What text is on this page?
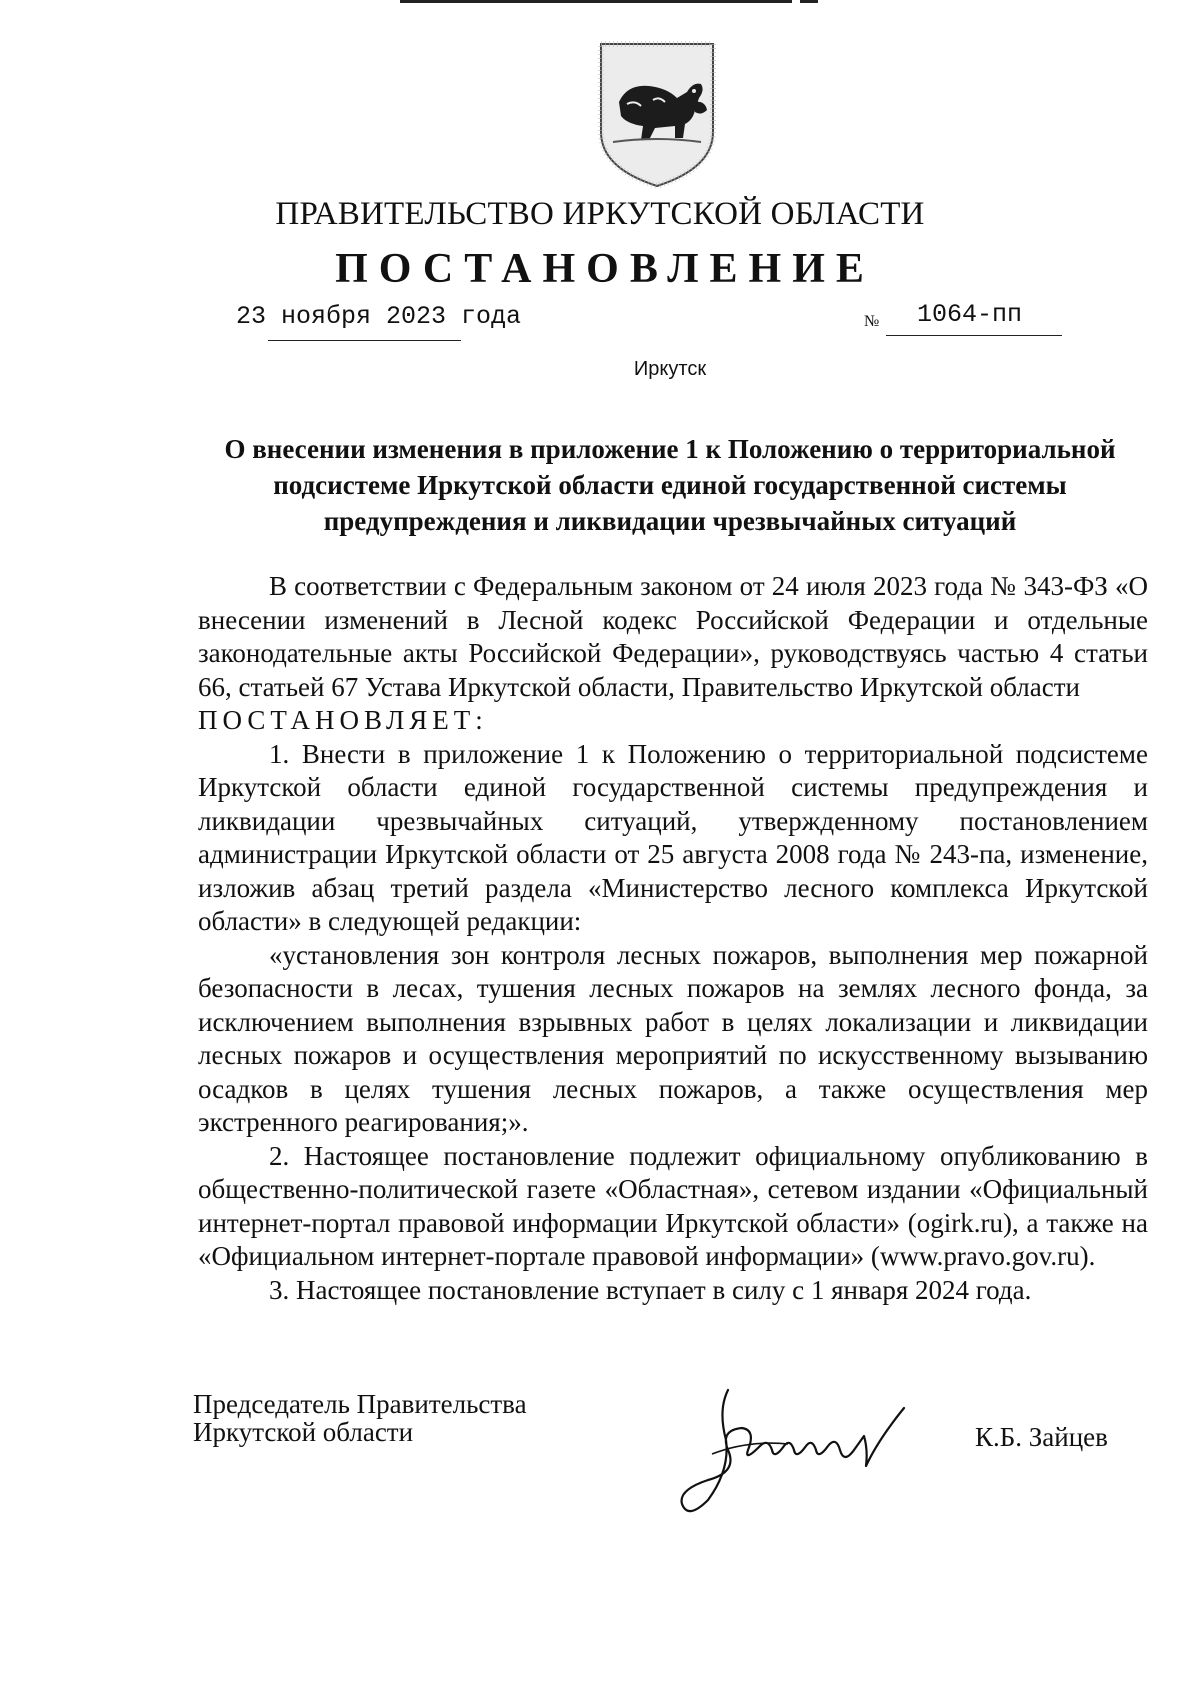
ПРАВИТЕЛЬСТВО ИРКУТСКОЙ ОБЛАСТИ
ПОСТАНОВЛЕНИЕ
23 ноября 2023 года	№ 1064-пп
Иркутск
О внесении изменения в приложение 1 к Положению о территориальной
подсистеме Иркутской области единой государственной системы
предупреждения и ликвидации чрезвычайных ситуаций

В соответствии с Федеральным законом от 24 июля 2023 года № 343-ФЗ «О внесении изменений в Лесной кодекс Российской Федерации и отдельные законодательные акты Российской Федерации», руководствуясь частью 4 статьи 66, статьей 67 Устава Иркутской области, Правительство Иркутской области

ПОСТАНОВЛЯЕТ:

1. Внести в приложение 1 к Положению о территориальной подсистеме Иркутской области единой государственной системы предупреждения и ликвидации чрезвычайных ситуаций, утвержденному постановлением администрации Иркутской области от 25 августа 2008 года № 243-па, изменение, изложив абзац третий раздела «Министерство лесного комплекса Иркутской области» в следующей редакции:

«установления зон контроля лесных пожаров, выполнения мер пожарной безопасности в лесах, тушения лесных пожаров на землях лесного фонда, за исключением выполнения взрывных работ в целях локализации и ликвидации лесных пожаров и осуществления мероприятий по искусственному вызыванию осадков в целях тушения лесных пожаров, а также осуществления мер экстренного реагирования;».

2. Настоящее постановление подлежит официальному опубликованию в общественно-политической газете «Областная», сетевом издании «Официальный интернет-портал правовой информации Иркутской области» (ogirk.ru), а также на «Официальном интернет-портале правовой информации» (www.pravo.gov.ru).

3. Настоящее постановление вступает в силу с 1 января 2024 года.

Председатель Правительства
Иркутской области	К.Б. Зайцев
